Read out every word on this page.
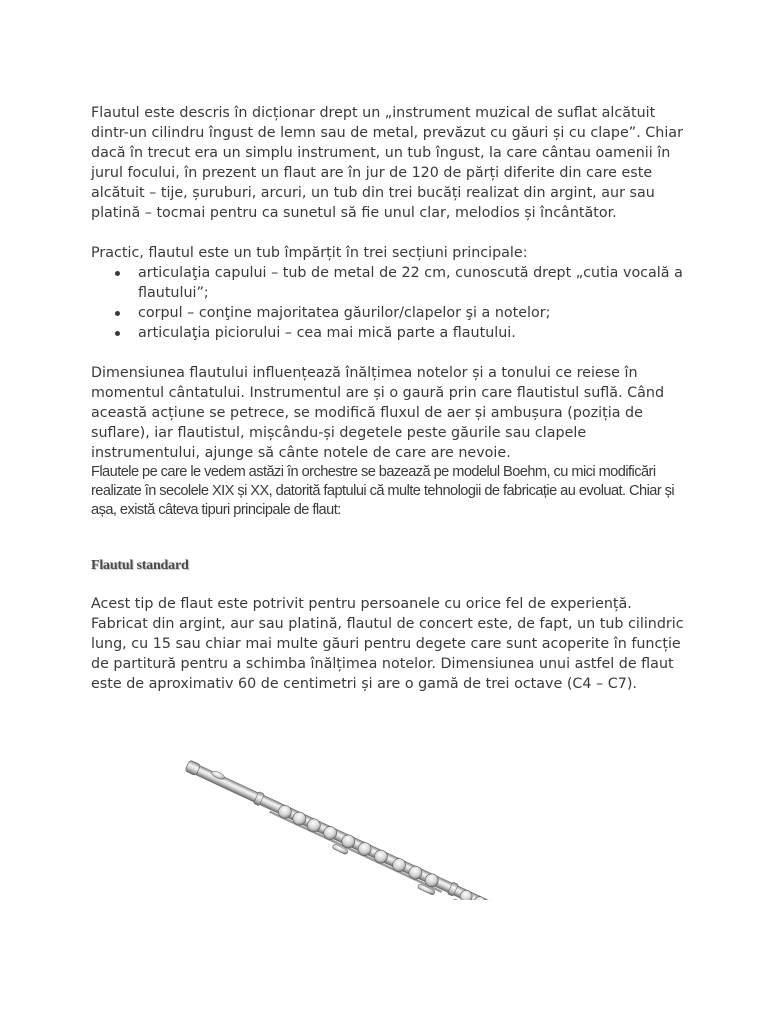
Flautul este descris în dicționar drept un „instrument muzical de suflat alcătuit dintr-un cilindru îngust de lemn sau de metal, prevăzut cu găuri și cu clape”. Chiar dacă în trecut era un simplu instrument, un tub îngust, la care cântau oamenii în jurul focului, în prezent un flaut are în jur de 120 de părți diferite din care este alcătuit – tije, șuruburi, arcuri, un tub din trei bucăți realizat din argint, aur sau platină – tocmai pentru ca sunetul să fie unul clar, melodios și încântător.

Practic, flautul este un tub împărțit în trei secțiuni principale:

articulaţia capului – tub de metal de 22 cm, cunoscută drept „cutia vocală a flautului”;
corpul – conţine majoritatea găurilor/clapelor şi a notelor;
articulaţia piciorului – cea mai mică parte a flautului.

Dimensiunea flautului influențează înălțimea notelor și a tonului ce reiese în momentul cântatului. Instrumentul are și o gaură prin care flautistul suflă. Când această acțiune se petrece, se modifică fluxul de aer și ambușura (poziția de suflare), iar flautistul, mișcându-și degetele peste găurile sau clapele instrumentului, ajunge să cânte notele de care are nevoie.

Flautele pe care le vedem astăzi în orchestre se bazează pe modelul Boehm, cu mici modificări realizate în secolele XIX și XX, datorită faptului că multe tehnologii de fabricație au evoluat. Chiar și așa, există câteva tipuri principale de flaut:

Flautul standard

Acest tip de flaut este potrivit pentru persoanele cu orice fel de experiență. Fabricat din argint, aur sau platină, flautul de concert este, de fapt, un tub cilindric lung, cu 15 sau chiar mai multe găuri pentru degete care sunt acoperite în funcție de partitură pentru a schimba înălțimea notelor. Dimensiunea unui astfel de flaut este de aproximativ 60 de centimetri și are o gamă de trei octave (C4 – C7).
